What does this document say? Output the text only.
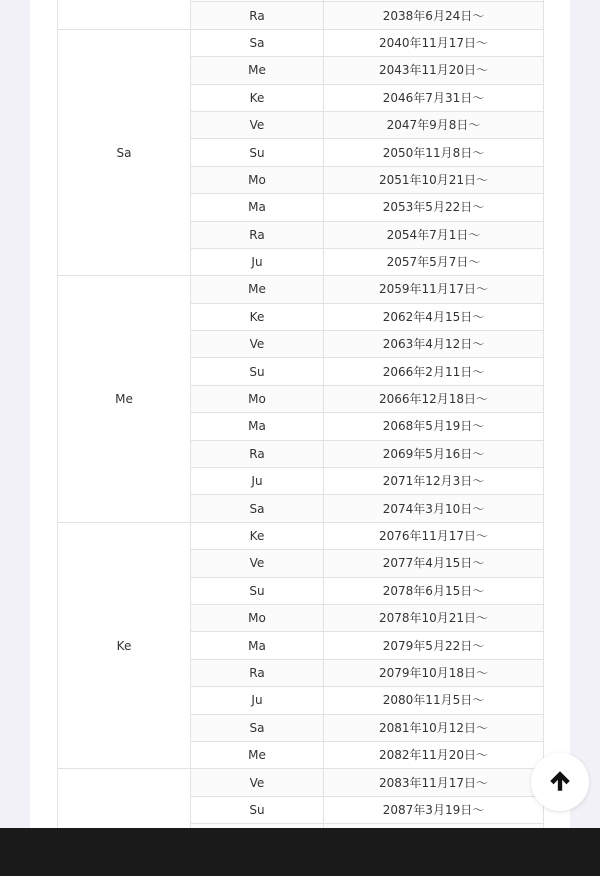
	Ra	2038年6月24日〜
Sa	Sa	2040年11月17日〜
	Me	2043年11月20日〜
	Ke	2046年7月31日〜
	Ve	2047年9月8日〜
	Su	2050年11月8日〜
	Mo	2051年10月21日〜
	Ma	2053年5月22日〜
	Ra	2054年7月1日〜
	Ju	2057年5月7日〜
Me	Me	2059年11月17日〜
	Ke	2062年4月15日〜
	Ve	2063年4月12日〜
	Su	2066年2月11日〜
	Mo	2066年12月18日〜
	Ma	2068年5月19日〜
	Ra	2069年5月16日〜
	Ju	2071年12月3日〜
	Sa	2074年3月10日〜
Ke	Ke	2076年11月17日〜
	Ve	2077年4月15日〜
	Su	2078年6月15日〜
	Mo	2078年10月21日〜
	Ma	2079年5月22日〜
	Ra	2079年10月18日〜
	Ju	2080年11月5日〜
	Sa	2081年10月12日〜
	Me	2082年11月20日〜
	Ve	2083年11月17日〜
	Su	2087年3月19日〜
